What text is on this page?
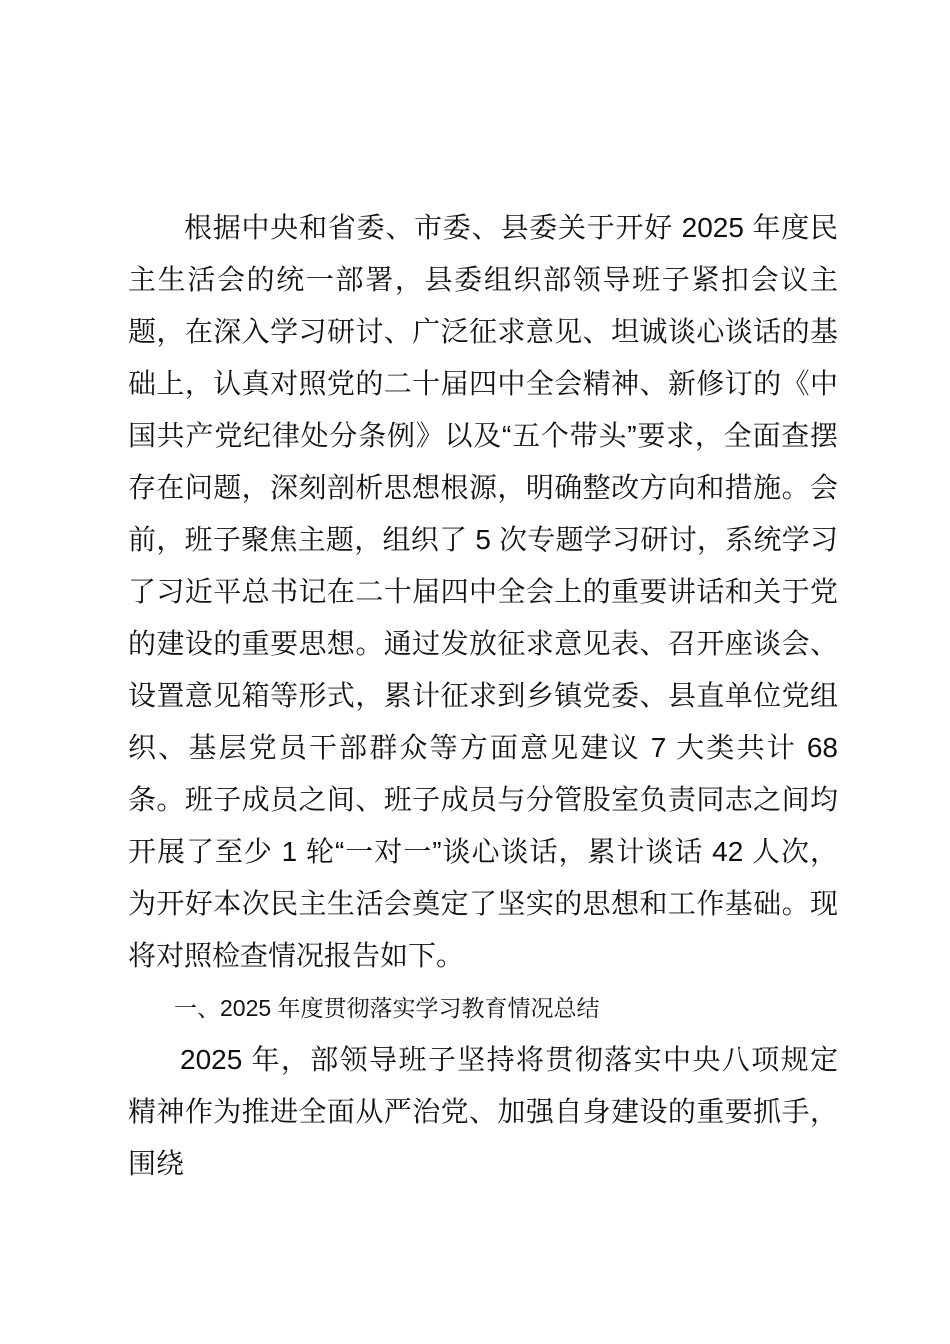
根据中央和省委、市委、县委关于开好 2025 年度民主生活会的统一部署，县委组织部领导班子紧扣会议主题，在深入学习研讨、广泛征求意见、坦诚谈心谈话的基础上，认真对照党的二十届四中全会精神、新修订的《中国共产党纪律处分条例》以及“五个带头”要求，全面查摆存在问题，深刻剖析思想根源，明确整改方向和措施。会前，班子聚焦主题，组织了 5 次专题学习研讨，系统学习了习近平总书记在二十届四中全会上的重要讲话和关于党的建设的重要思想。通过发放征求意见表、召开座谈会、设置意见箱等形式，累计征求到乡镇党委、县直单位党组织、基层党员干部群众等方面意见建议 7 大类共计 68 条。班子成员之间、班子成员与分管股室负责同志之间均开展了至少 1 轮“一对一”谈心谈话，累计谈话 42 人次，为开好本次民主生活会奠定了坚实的思想和工作基础。现将对照检查情况报告如下。

一、2025 年度贯彻落实学习教育情况总结

2025 年，部领导班子坚持将贯彻落实中央八项规定精神作为推进全面从严治党、加强自身建设的重要抓手，围绕
